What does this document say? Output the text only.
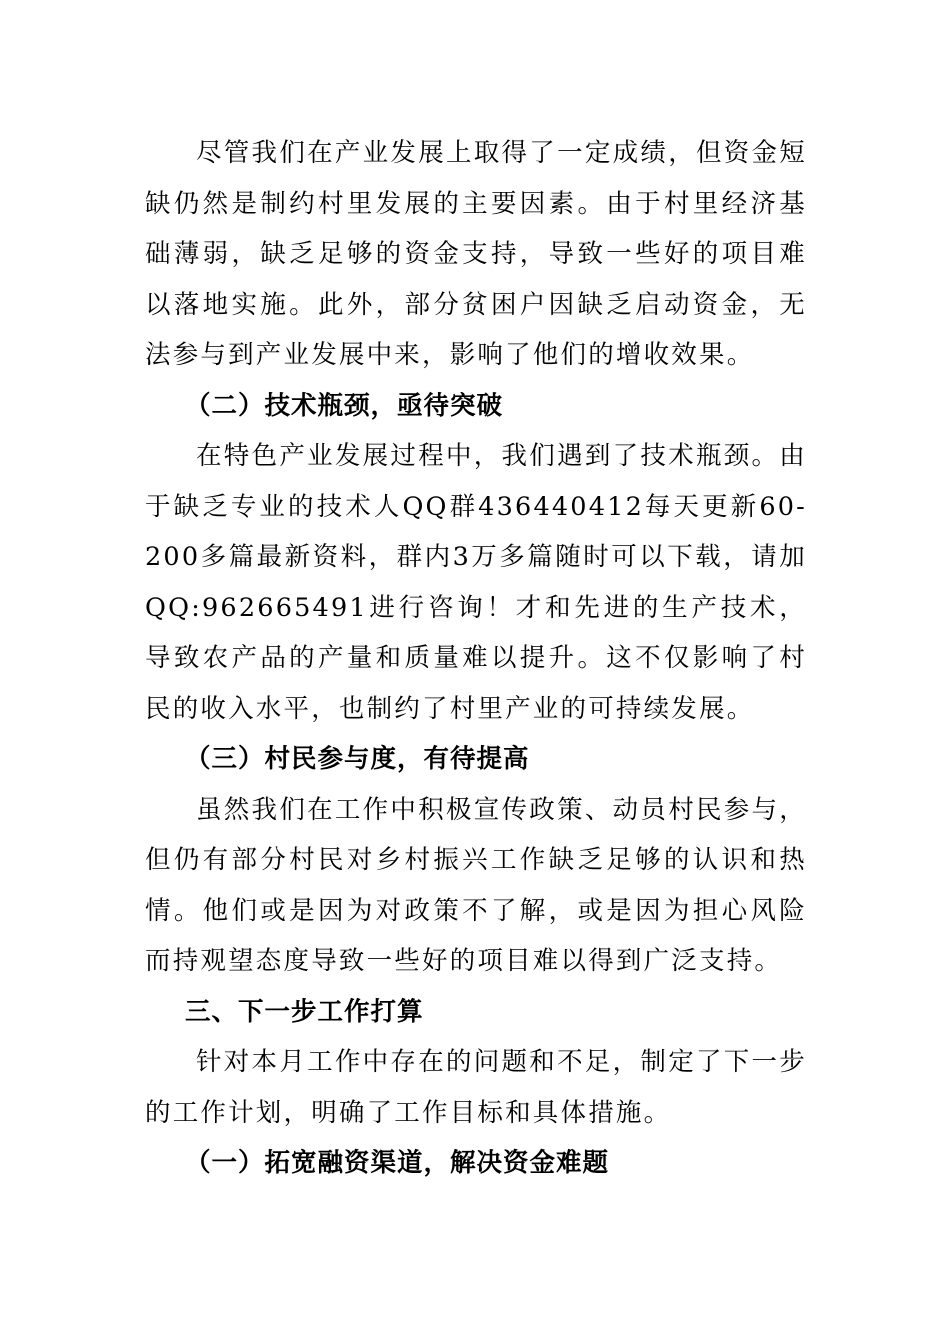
尽管我们在产业发展上取得了一定成绩，但资金短缺仍然是制约村里发展的主要因素。由于村里经济基础薄弱，缺乏足够的资金支持，导致一些好的项目难以落地实施。此外，部分贫困户因缺乏启动资金，无法参与到产业发展中来，影响了他们的增收效果。

（二）技术瓶颈，亟待突破

在特色产业发展过程中，我们遇到了技术瓶颈。由于缺乏专业的技术人QQ群436440412每天更新60-200多篇最新资料，群内3万多篇随时可以下载，请加QQ:962665491进行咨询！才和先进的生产技术，导致农产品的产量和质量难以提升。这不仅影响了村民的收入水平，也制约了村里产业的可持续发展。

（三）村民参与度，有待提高

虽然我们在工作中积极宣传政策、动员村民参与，但仍有部分村民对乡村振兴工作缺乏足够的认识和热情。他们或是因为对政策不了解，或是因为担心风险而持观望态度导致一些好的项目难以得到广泛支持。

三、下一步工作打算

针对本月工作中存在的问题和不足，制定了下一步的工作计划，明确了工作目标和具体措施。

（一）拓宽融资渠道，解决资金难题
